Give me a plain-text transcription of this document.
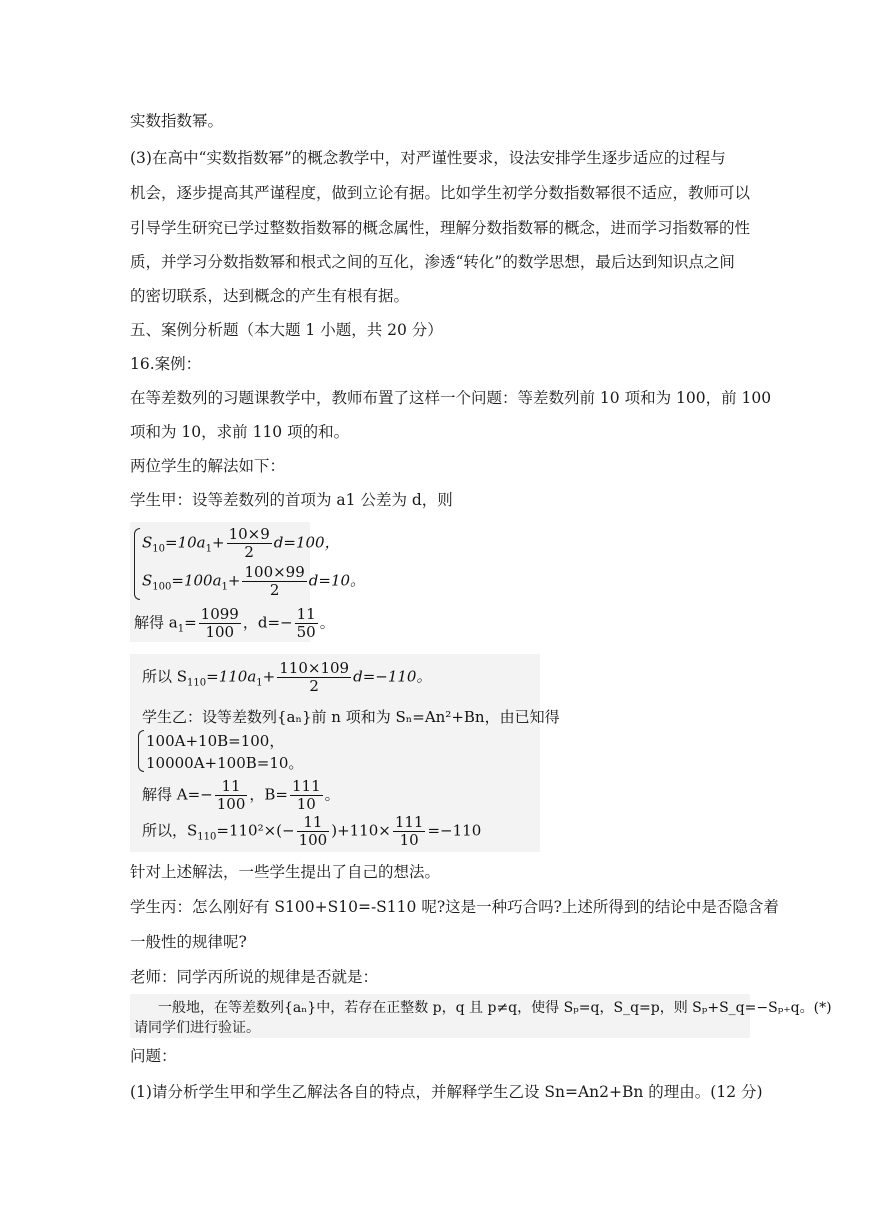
实数指数幂。
(3)在高中“实数指数幂”的概念教学中，对严谨性要求，设法安排学生逐步适应的过程与
机会，逐步提高其严谨程度，做到立论有据。比如学生初学分数指数幂很不适应，教师可以
引导学生研究已学过整数指数幂的概念属性，理解分数指数幂的概念，进而学习指数幂的性
质，并学习分数指数幂和根式之间的互化，渗透“转化”的数学思想，最后达到知识点之间
的密切联系，达到概念的产生有根有据。
五、案例分析题（本大题 1 小题，共 20 分）
16.案例：
在等差数列的习题课教学中，教师布置了这样一个问题：等差数列前 10 项和为 100，前 100
项和为 10，求前 110 项的和。
两位学生的解法如下：
学生甲：设等差数列的首项为 a1 公差为 d，则
$S_{10}=10a_1+ \frac{10\times 9}{2} d=100$，
$S_{100}=100a_1+ \frac{100\times 99}{2} d=10$。
解得 $a_1= \frac{1099}{100}$ ，$d=- \frac{11}{50}$ 。
所以 $S_{110}=110a_1+ \frac{110\times 109}{2} d=-110$。
学生乙：设等差数列{aₙ}前 n 项和为 Sₙ=An²+Bn，由已知得
100A+10B=100，
10000A+100B=10。
解得 $A=- \frac{11}{100}$ ，$B= \frac{111}{10}$ 。
所以，$S_{110}=110^2\times(- \frac{11}{100} )+110\times \frac{111}{10} =-110$
针对上述解法，一些学生提出了自己的想法。
学生丙：怎么刚好有 S100+S10=-S110 呢?这是一种巧合吗?上述所得到的结论中是否隐含着
一般性的规律呢?
老师：同学丙所说的规律是否就是：
一般地，在等差数列{aₙ}中，若存在正整数 p，q 且 p≠q，使得 Sₚ=q，S_q=p，则 Sₚ+S_q=−Sₚ₊q。(*)
请同学们进行验证。
问题：
(1)请分析学生甲和学生乙解法各自的特点，并解释学生乙设 Sn=An2+Bn 的理由。(12 分)
